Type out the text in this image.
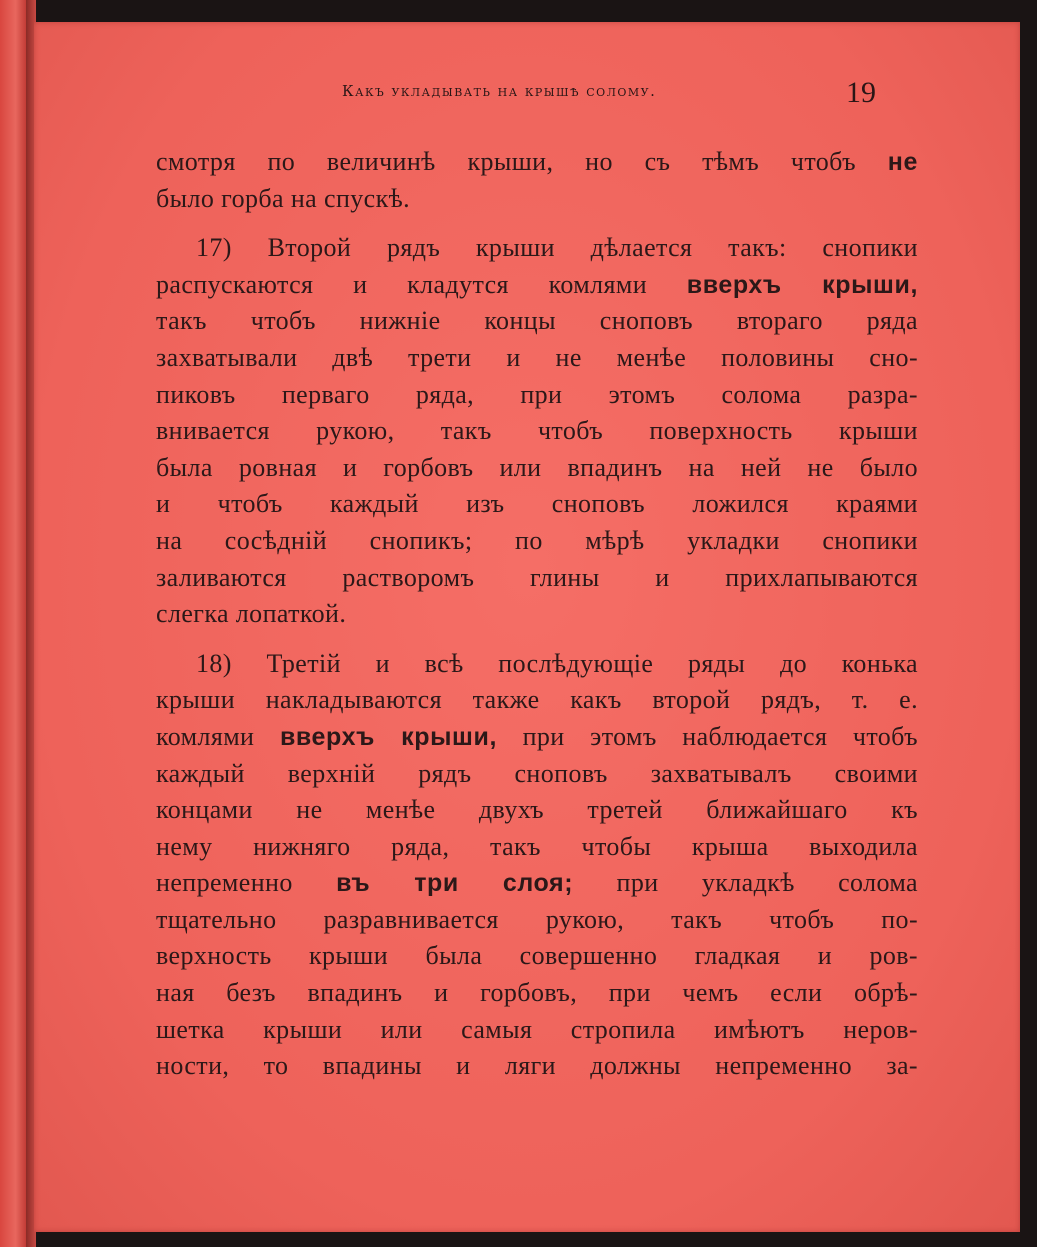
Какъ укладывать на крышѣ солому.	19
смотря по величинѣ крыши, но съ тѣмъ чтобъ не
было горба на спускѣ.
17) Второй рядъ крыши дѣлается такъ: снопики
распускаются и кладутся комлями вверхъ крыши,
такъ чтобъ нижніе концы сноповъ втораго ряда
захватывали двѣ трети и не менѣе половины сно-
пиковъ перваго ряда, при этомъ солома разра-
внивается рукою, такъ чтобъ поверхность крыши
была ровная и горбовъ или впадинъ на ней не было
и чтобъ каждый изъ сноповъ ложился краями
на сосѣдній снопикъ; по мѣрѣ укладки снопики
заливаются растворомъ глины и прихлапываются
слегка лопаткой.
18) Третій и всѣ послѣдующіе ряды до конька
крыши накладываются также какъ второй рядъ, т. е.
комлями вверхъ крыши, при этомъ наблюдается чтобъ
каждый верхній рядъ сноповъ захватывалъ своими
концами не менѣе двухъ третей ближайшаго къ
нему нижняго ряда, такъ чтобы крыша выходила
непременно въ три слоя; при укладкѣ солома
тщательно разравнивается рукою, такъ чтобъ по-
верхность крыши была совершенно гладкая и ров-
ная безъ впадинъ и горбовъ, при чемъ если обрѣ-
шетка крыши или самыя стропила имѣютъ неров-
ности, то впадины и ляги должны непременно за-
